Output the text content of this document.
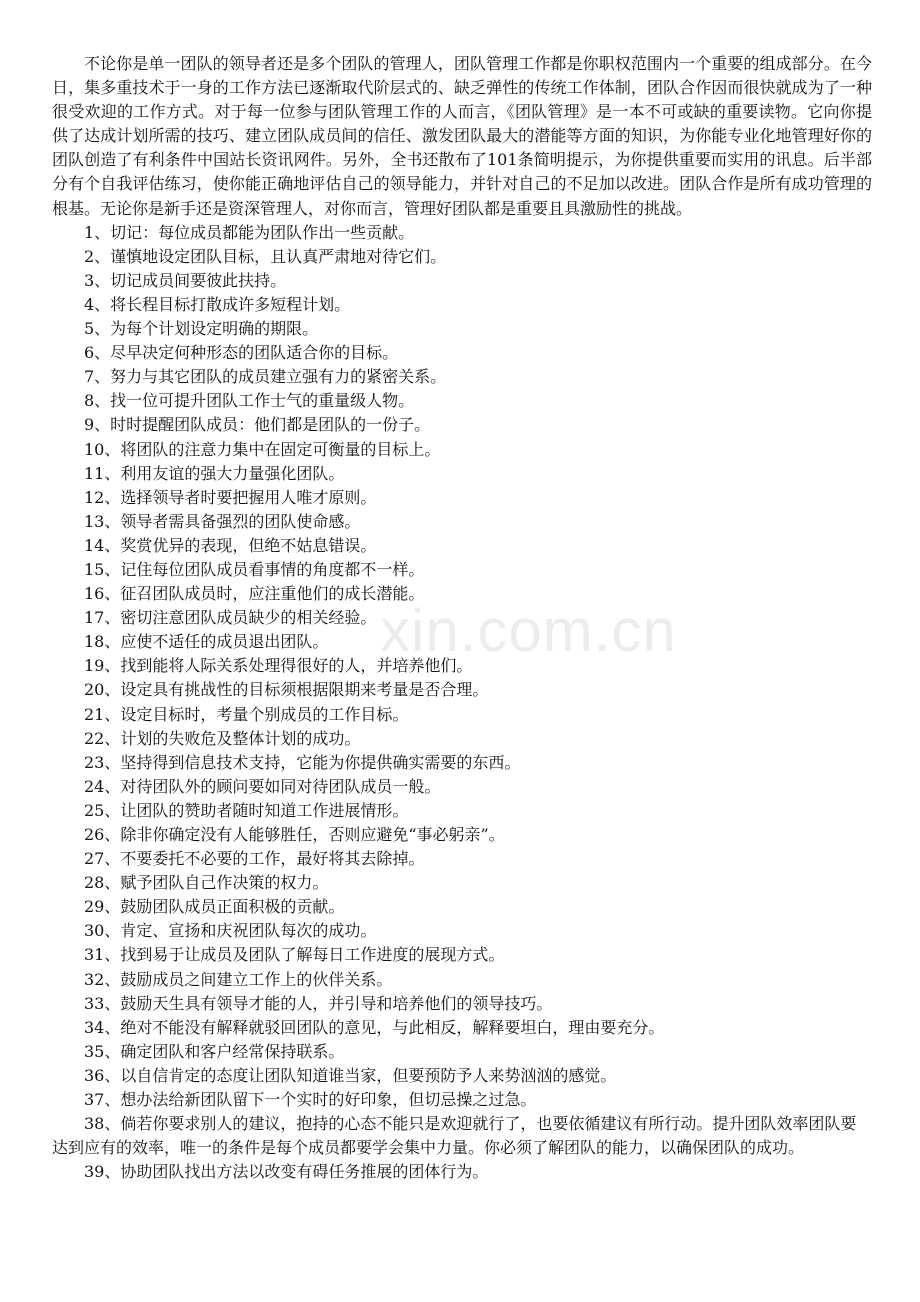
不论你是单一团队的领导者还是多个团队的管理人，团队管理工作都是你职权范围内一个重要的组成部分。在今日，集多重技术于一身的工作方法已逐渐取代阶层式的、缺乏弹性的传统工作体制，团队合作因而很快就成为了一种很受欢迎的工作方式。对于每一位参与团队管理工作的人而言，《团队管理》是一本不可或缺的重要读物。它向你提供了达成计划所需的技巧、建立团队成员间的信任、激发团队最大的潜能等方面的知识，为你能专业化地管理好你的团队创造了有利条件中国站长资讯网件。另外，全书还散布了101条简明提示，为你提供重要而实用的讯息。后半部分有个自我评估练习，使你能正确地评估自己的领导能力，并针对自己的不足加以改进。团队合作是所有成功管理的根基。无论你是新手还是资深管理人，对你而言，管理好团队都是重要且具激励性的挑战。

1、切记：每位成员都能为团队作出一些贡献。
2、谨慎地设定团队目标，且认真严肃地对待它们。
3、切记成员间要彼此扶持。
4、将长程目标打散成许多短程计划。
5、为每个计划设定明确的期限。
6、尽早决定何种形态的团队适合你的目标。
7、努力与其它团队的成员建立强有力的紧密关系。
8、找一位可提升团队工作士气的重量级人物。
9、时时提醒团队成员：他们都是团队的一份子。
10、将团队的注意力集中在固定可衡量的目标上。
11、利用友谊的强大力量强化团队。
12、选择领导者时要把握用人唯才原则。
13、领导者需具备强烈的团队使命感。
14、奖赏优异的表现，但绝不姑息错误。
15、记住每位团队成员看事情的角度都不一样。
16、征召团队成员时，应注重他们的成长潜能。
17、密切注意团队成员缺少的相关经验。
18、应使不适任的成员退出团队。
19、找到能将人际关系处理得很好的人，并培养他们。
20、设定具有挑战性的目标须根据限期来考量是否合理。
21、设定目标时，考量个别成员的工作目标。
22、计划的失败危及整体计划的成功。
23、坚持得到信息技术支持，它能为你提供确实需要的东西。
24、对待团队外的顾问要如同对待团队成员一般。
25、让团队的赞助者随时知道工作进展情形。
26、除非你确定没有人能够胜任，否则应避免“事必躬亲”。
27、不要委托不必要的工作，最好将其去除掉。
28、赋予团队自己作决策的权力。
29、鼓励团队成员正面积极的贡献。
30、肯定、宣扬和庆祝团队每次的成功。
31、找到易于让成员及团队了解每日工作进度的展现方式。
32、鼓励成员之间建立工作上的伙伴关系。
33、鼓励天生具有领导才能的人，并引导和培养他们的领导技巧。
34、绝对不能没有解释就驳回团队的意见，与此相反，解释要坦白，理由要充分。
35、确定团队和客户经常保持联系。
36、以自信肯定的态度让团队知道谁当家，但要预防予人来势汹汹的感觉。
37、想办法给新团队留下一个实时的好印象，但切忌操之过急。
38、倘若你要求别人的建议，抱持的心态不能只是欢迎就行了，也要依循建议有所行动。提升团队效率团队要达到应有的效率，唯一的条件是每个成员都要学会集中力量。你必须了解团队的能力，以确保团队的成功。
39、协助团队找出方法以改变有碍任务推展的团体行为。
xin.com.cn
